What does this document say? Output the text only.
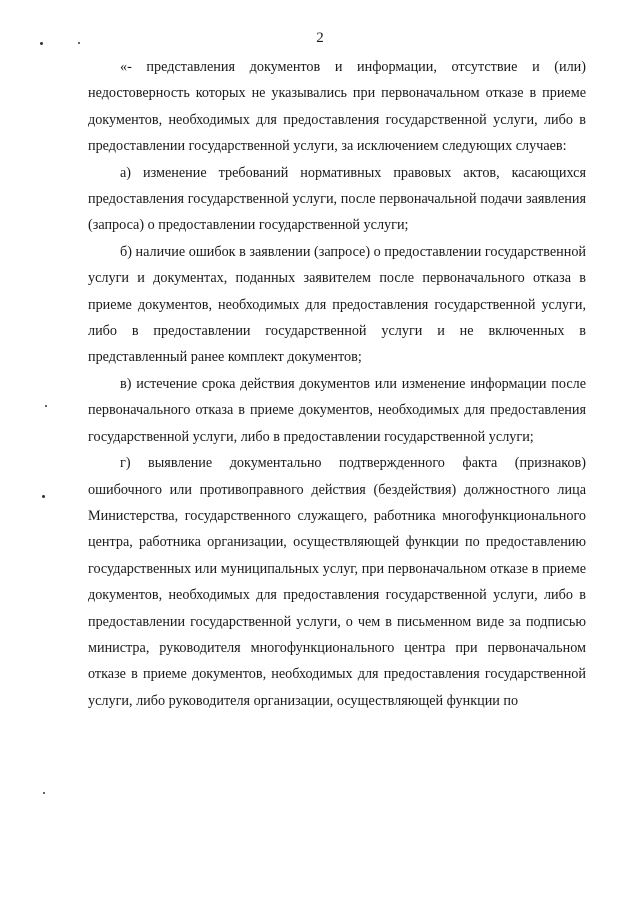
2

«- представления документов и информации, отсутствие и (или) недостоверность которых не указывались при первоначальном отказе в приеме документов, необходимых для предоставления государственной услуги, либо в предоставлении государственной услуги, за исключением следующих случаев:

а) изменение требований нормативных правовых актов, касающихся предоставления государственной услуги, после первоначальной подачи заявления (запроса) о предоставлении государственной услуги;

б) наличие ошибок в заявлении (запросе) о предоставлении государственной услуги и документах, поданных заявителем после первоначального отказа в приеме документов, необходимых для предоставления государственной услуги, либо в предоставлении государственной услуги и не включенных в представленный ранее комплект документов;

в) истечение срока действия документов или изменение информации после первоначального отказа в приеме документов, необходимых для предоставления государственной услуги, либо в предоставлении государственной услуги;

г) выявление документально подтвержденного факта (признаков) ошибочного или противоправного действия (бездействия) должностного лица Министерства, государственного служащего, работника многофункционального центра, работника организации, осуществляющей функции по предоставлению государственных или муниципальных услуг, при первоначальном отказе в приеме документов, необходимых для предоставления государственной услуги, либо в предоставлении государственной услуги, о чем в письменном виде за подписью министра, руководителя многофункционального центра при первоначальном отказе в приеме документов, необходимых для предоставления государственной услуги, либо руководителя организации, осуществляющей функции по
